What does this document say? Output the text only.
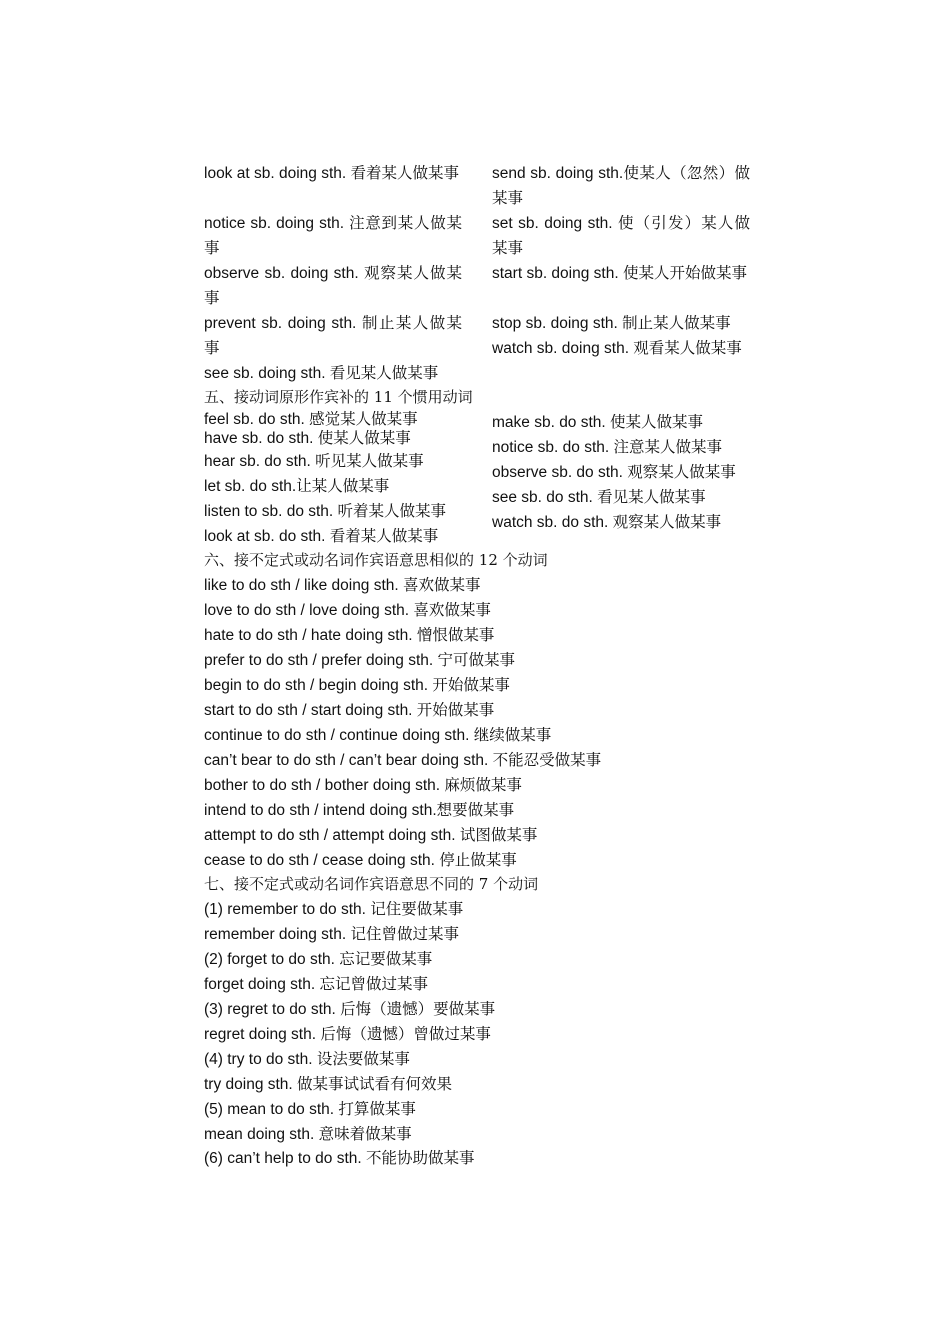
look at sb. doing sth. 看着某人做某事
notice sb. doing sth. 注意到某人做某事
observe sb. doing sth. 观察某人做某事
prevent sb. doing sth. 制止某人做某事
see sb. doing sth. 看见某人做某事
send sb. doing sth.使某人（忽然）做某事
set sb. doing sth. 使（引发）某人做某事
start sb. doing sth. 使某人开始做某事
stop sb. doing sth. 制止某人做某事
watch sb. doing sth. 观看某人做某事
五、接动词原形作宾补的 11 个惯用动词
feel sb. do sth. 感觉某人做某事
have sb. do sth. 使某人做某事
hear sb. do sth. 听见某人做某事
let sb. do sth.让某人做某事
listen to sb. do sth. 听着某人做某事
look at sb. do sth. 看着某人做某事
make sb. do sth. 使某人做某事
notice sb. do sth. 注意某人做某事
observe sb. do sth. 观察某人做某事
see sb. do sth. 看见某人做某事
watch sb. do sth. 观察某人做某事
六、接不定式或动名词作宾语意思相似的 12 个动词
like to do sth / like doing sth. 喜欢做某事
love to do sth / love doing sth. 喜欢做某事
hate to do sth / hate doing sth. 憎恨做某事
prefer to do sth / prefer doing sth. 宁可做某事
begin to do sth / begin doing sth. 开始做某事
start to do sth / start doing sth. 开始做某事
continue to do sth / continue doing sth. 继续做某事
can’t bear to do sth / can’t bear doing sth. 不能忍受做某事
bother to do sth / bother doing sth. 麻烦做某事
intend to do sth / intend doing sth.想要做某事
attempt to do sth / attempt doing sth. 试图做某事
cease to do sth / cease doing sth. 停止做某事
七、接不定式或动名词作宾语意思不同的 7 个动词
(1) remember to do sth. 记住要做某事
remember doing sth. 记住曾做过某事
(2) forget to do sth. 忘记要做某事
forget doing sth. 忘记曾做过某事
(3) regret to do sth. 后悔（遗憾）要做某事
regret doing sth. 后悔（遗憾）曾做过某事
(4) try to do sth. 设法要做某事
try doing sth. 做某事试试看有何效果
(5) mean to do sth. 打算做某事
mean doing sth. 意味着做某事
(6) can’t help to do sth. 不能协助做某事
